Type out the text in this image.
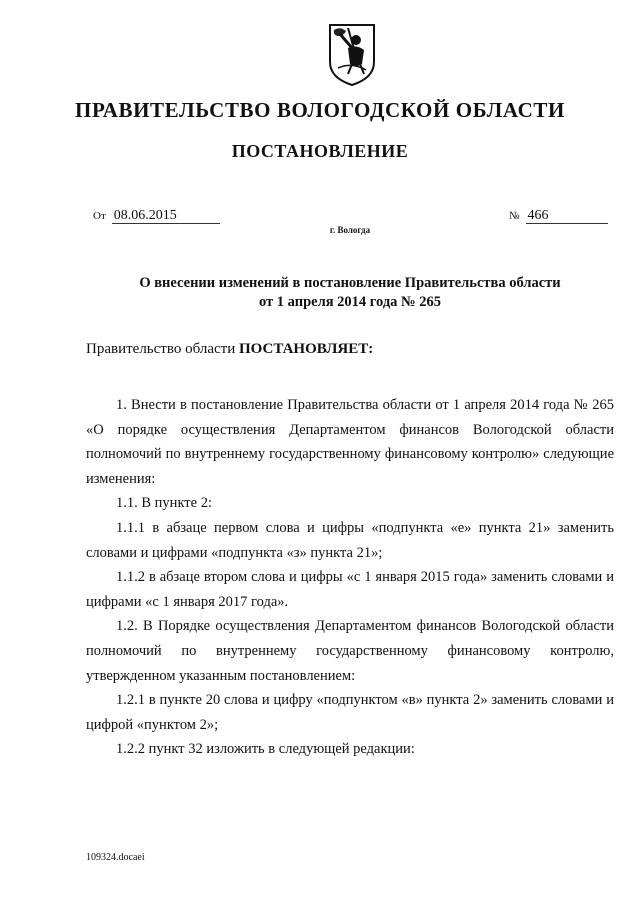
ПРАВИТЕЛЬСТВО ВОЛОГОДСКОЙ ОБЛАСТИ
ПОСТАНОВЛЕНИЕ
От 08.06.2015	№ 466
г. Вологда
О внесении изменений в постановление Правительства области
от 1 апреля 2014 года № 265
Правительство области ПОСТАНОВЛЯЕТ:

1. Внести в постановление Правительства области от 1 апреля 2014 года № 265 «О порядке осуществления Департаментом финансов Вологодской области полномочий по внутреннему государственному финансовому контролю» следующие изменения:

1.1. В пункте 2:

1.1.1 в абзаце первом слова и цифры «подпункта «е» пункта 21» заменить словами и цифрами «подпункта «з» пункта 21»;

1.1.2 в абзаце втором слова и цифры «с 1 января 2015 года» заменить словами и цифрами «с 1 января 2017 года».

1.2. В Порядке осуществления Департаментом финансов Вологодской области полномочий по внутреннему государственному финансовому контролю, утвержденном указанным постановлением:

1.2.1 в пункте 20 слова и цифру «подпунктом «в» пункта 2» заменить словами и цифрой «пунктом 2»;

1.2.2 пункт 32 изложить в следующей редакции:

109324.docaei
